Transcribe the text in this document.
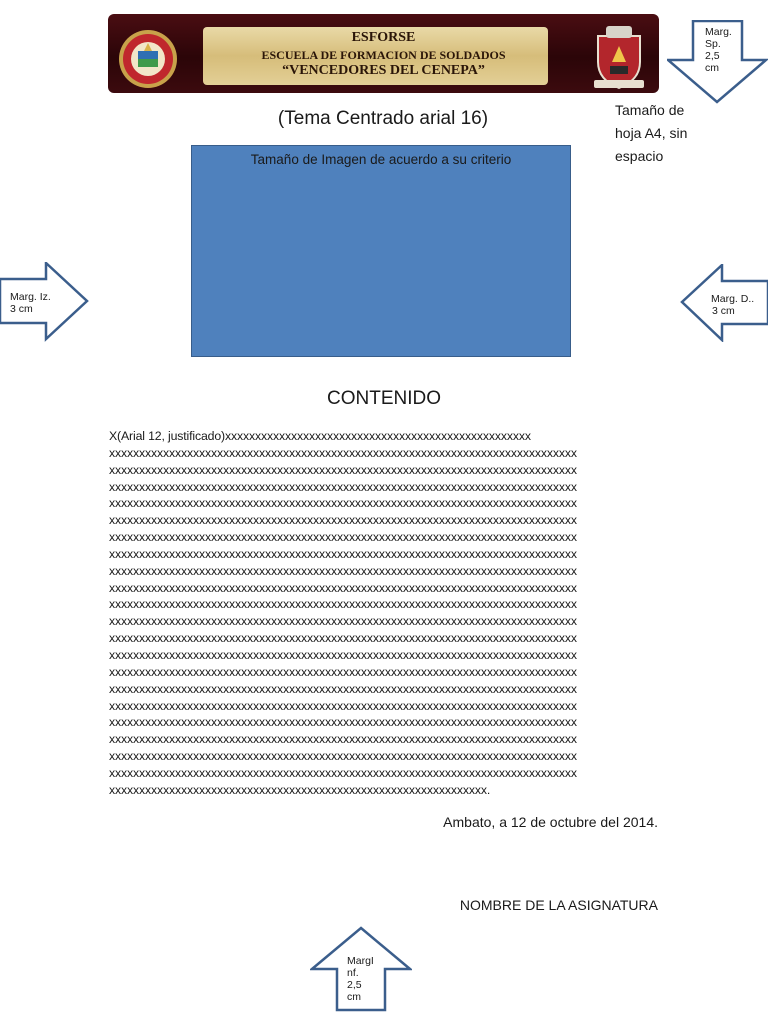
ESFORSE
ESCUELA DE FORMACION DE SOLDADOS
“VENCEDORES DEL CENEPA”
Marg.
Sp.
2,5
cm
(Tema Centrado arial 16)	Tamaño de
hoja A4, sin
espacio
Tamaño de Imagen de acuerdo a su criterio
Marg. Iz.
3 cm
Marg. D..
3 cm
CONTENIDO
X(Arial 12, justificado)xxxxxxxxxxxxxxxxxxxxxxxxxxxxxxxxxxxxxxxxxxxxxxxxxxx
xxxxxxxxxxxxxxxxxxxxxxxxxxxxxxxxxxxxxxxxxxxxxxxxxxxxxxxxxxxxxxxxxxxxxxxxxxxxxx
xxxxxxxxxxxxxxxxxxxxxxxxxxxxxxxxxxxxxxxxxxxxxxxxxxxxxxxxxxxxxxxxxxxxxxxxxxxxxx
xxxxxxxxxxxxxxxxxxxxxxxxxxxxxxxxxxxxxxxxxxxxxxxxxxxxxxxxxxxxxxxxxxxxxxxxxxxxxx
xxxxxxxxxxxxxxxxxxxxxxxxxxxxxxxxxxxxxxxxxxxxxxxxxxxxxxxxxxxxxxxxxxxxxxxxxxxxxx
xxxxxxxxxxxxxxxxxxxxxxxxxxxxxxxxxxxxxxxxxxxxxxxxxxxxxxxxxxxxxxxxxxxxxxxxxxxxxx
xxxxxxxxxxxxxxxxxxxxxxxxxxxxxxxxxxxxxxxxxxxxxxxxxxxxxxxxxxxxxxxxxxxxxxxxxxxxxx
xxxxxxxxxxxxxxxxxxxxxxxxxxxxxxxxxxxxxxxxxxxxxxxxxxxxxxxxxxxxxxxxxxxxxxxxxxxxxx
xxxxxxxxxxxxxxxxxxxxxxxxxxxxxxxxxxxxxxxxxxxxxxxxxxxxxxxxxxxxxxxxxxxxxxxxxxxxxx
xxxxxxxxxxxxxxxxxxxxxxxxxxxxxxxxxxxxxxxxxxxxxxxxxxxxxxxxxxxxxxxxxxxxxxxxxxxxxx
xxxxxxxxxxxxxxxxxxxxxxxxxxxxxxxxxxxxxxxxxxxxxxxxxxxxxxxxxxxxxxxxxxxxxxxxxxxxxx
xxxxxxxxxxxxxxxxxxxxxxxxxxxxxxxxxxxxxxxxxxxxxxxxxxxxxxxxxxxxxxxxxxxxxxxxxxxxxx
xxxxxxxxxxxxxxxxxxxxxxxxxxxxxxxxxxxxxxxxxxxxxxxxxxxxxxxxxxxxxxxxxxxxxxxxxxxxxx
xxxxxxxxxxxxxxxxxxxxxxxxxxxxxxxxxxxxxxxxxxxxxxxxxxxxxxxxxxxxxxxxxxxxxxxxxxxxxx
xxxxxxxxxxxxxxxxxxxxxxxxxxxxxxxxxxxxxxxxxxxxxxxxxxxxxxxxxxxxxxxxxxxxxxxxxxxxxx
xxxxxxxxxxxxxxxxxxxxxxxxxxxxxxxxxxxxxxxxxxxxxxxxxxxxxxxxxxxxxxxxxxxxxxxxxxxxxx
xxxxxxxxxxxxxxxxxxxxxxxxxxxxxxxxxxxxxxxxxxxxxxxxxxxxxxxxxxxxxxxxxxxxxxxxxxxxxx
xxxxxxxxxxxxxxxxxxxxxxxxxxxxxxxxxxxxxxxxxxxxxxxxxxxxxxxxxxxxxxxxxxxxxxxxxxxxxx
xxxxxxxxxxxxxxxxxxxxxxxxxxxxxxxxxxxxxxxxxxxxxxxxxxxxxxxxxxxxxxxxxxxxxxxxxxxxxx
xxxxxxxxxxxxxxxxxxxxxxxxxxxxxxxxxxxxxxxxxxxxxxxxxxxxxxxxxxxxxxxxxxxxxxxxxxxxxx
xxxxxxxxxxxxxxxxxxxxxxxxxxxxxxxxxxxxxxxxxxxxxxxxxxxxxxxxxxxxxxxxxxxxxxxxxxxxxx
xxxxxxxxxxxxxxxxxxxxxxxxxxxxxxxxxxxxxxxxxxxxxxxxxxxxxxxxxxxxxxx.
Ambato, a 12 de octubre del 2014.
NOMBRE DE LA ASIGNATURA
MargI
nf.
2,5
cm
